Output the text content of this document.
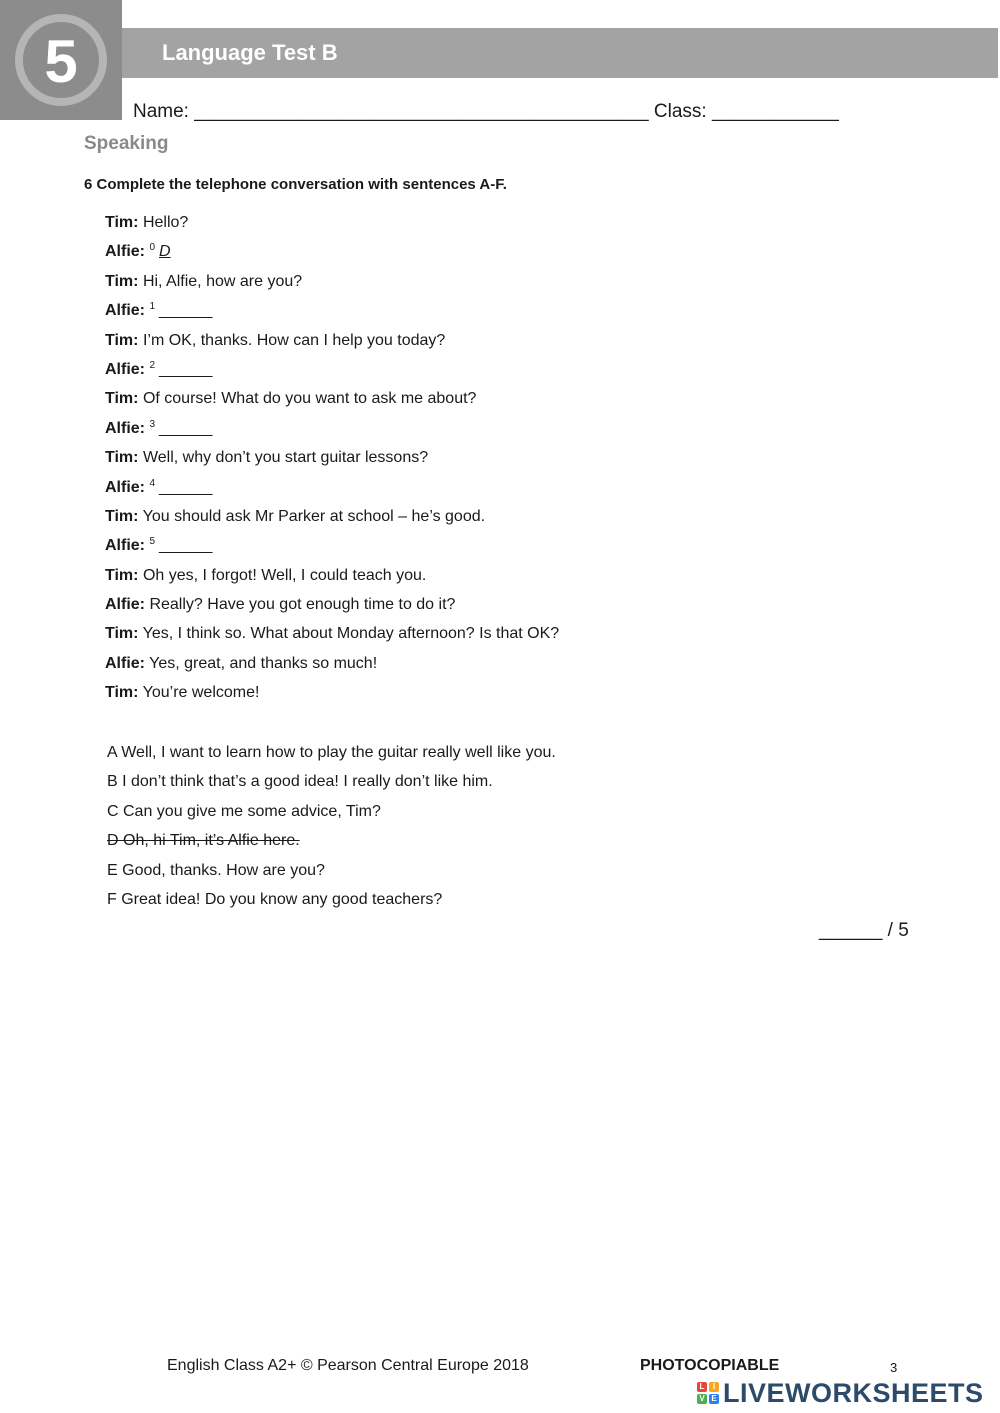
5	Language Test B
Name: ___________________________________________ Class: ____________
Speaking
6 Complete the telephone conversation with sentences A-F.
Tim: Hello?
Alfie: $^0$ D
Tim: Hi, Alfie, how are you?
Alfie: $^1$ ______
Tim: I’m OK, thanks. How can I help you today?
Alfie: $^2$ ______
Tim: Of course! What do you want to ask me about?
Alfie: $^3$ ______
Tim: Well, why don’t you start guitar lessons?
Alfie: $^4$ ______
Tim: You should ask Mr Parker at school – he’s good.
Alfie: $^5$ ______
Tim: Oh yes, I forgot! Well, I could teach you.
Alfie: Really? Have you got enough time to do it?
Tim: Yes, I think so. What about Monday afternoon? Is that OK?
Alfie: Yes, great, and thanks so much!
Tim: You’re welcome!
A Well, I want to learn how to play the guitar really well like you.
B I don’t think that’s a good idea! I really don’t like him.
C Can you give me some advice, Tim?
D Oh, hi Tim, it’s Alfie here.
E Good, thanks. How are you?
F Great idea! Do you know any good teachers?
______ / 5
English Class A2+ © Pearson Central Europe 2018	PHOTOCOPIABLE	3
L	I
V E LIVEWORKSHEETS
